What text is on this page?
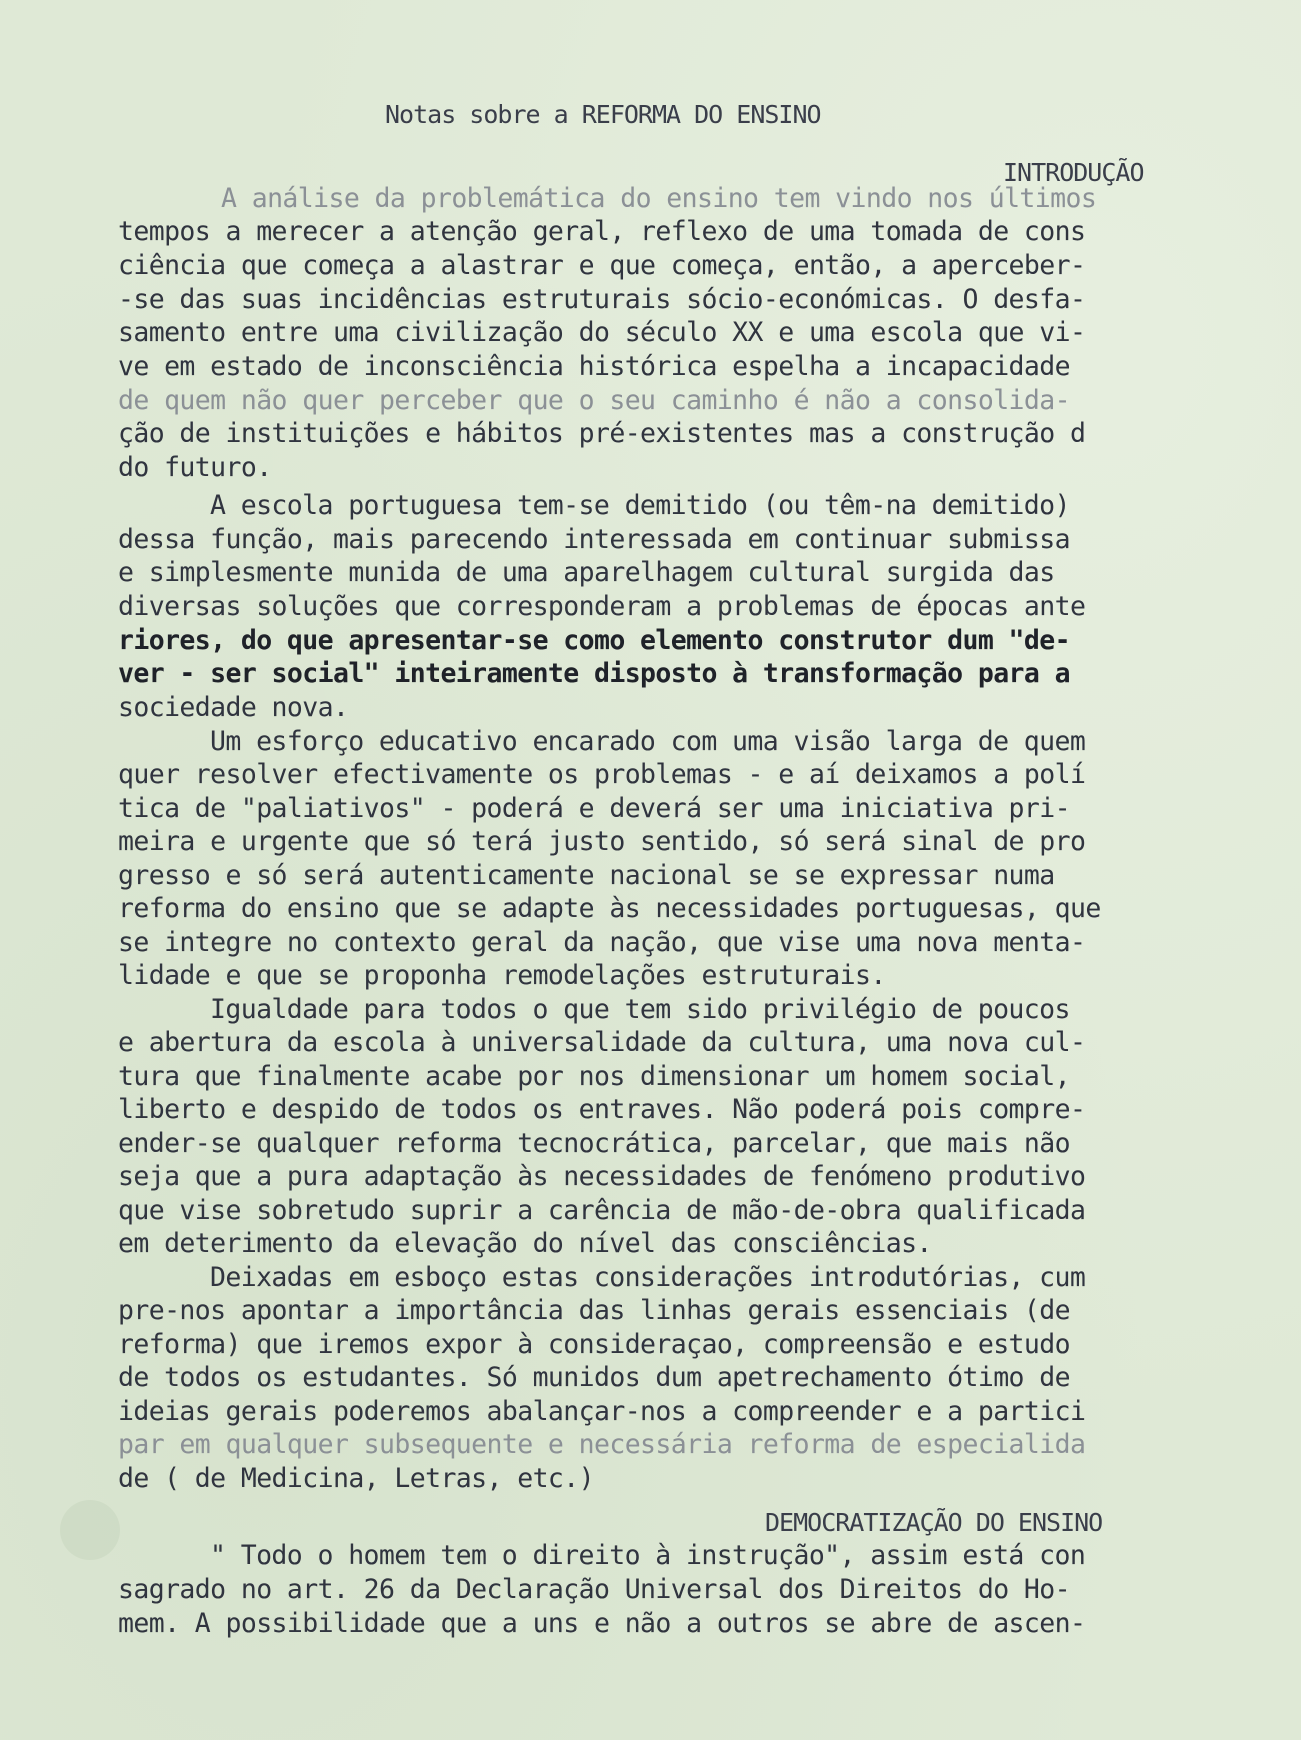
Notas sobre a REFORMA DO ENSINO
INTRODUÇÃO
A análise da problemática do ensino tem vindo nos últimos
tempos a merecer a atenção geral, reflexo de uma tomada de cons
ciência que começa a alastrar e que começa, então, a aperceber-
-se das suas incidências estruturais sócio-económicas. O desfa-
samento entre uma civilização do século XX e uma escola que vi-
ve em estado de inconsciência histórica espelha a incapacidade
de quem não quer perceber que o seu caminho é não a consolida-
ção de instituições e hábitos pré-existentes mas a construção d
do futuro.
A escola portuguesa tem-se demitido (ou têm-na demitido)
dessa função, mais parecendo interessada em continuar submissa
e simplesmente munida de uma aparelhagem cultural surgida das
diversas soluções que corresponderam a problemas de épocas ante
riores, do que apresentar-se como elemento construtor dum "de-
ver - ser social" inteiramente disposto à transformação para a
sociedade nova.
Um esforço educativo encarado com uma visão larga de quem
quer resolver efectivamente os problemas - e aí deixamos a polí
tica de "paliativos" - poderá e deverá ser uma iniciativa pri-
meira e urgente que só terá justo sentido, só será sinal de pro
gresso e só será autenticamente nacional se se expressar numa
reforma do ensino que se adapte às necessidades portuguesas, que
se integre no contexto geral da nação, que vise uma nova menta-
lidade e que se proponha remodelações estruturais.
Igualdade para todos o que tem sido privilégio de poucos
e abertura da escola à universalidade da cultura, uma nova cul-
tura que finalmente acabe por nos dimensionar um homem social,
liberto e despido de todos os entraves. Não poderá pois compre-
ender-se qualquer reforma tecnocrática, parcelar, que mais não
seja que a pura adaptação às necessidades de fenómeno produtivo
que vise sobretudo suprir a carência de mão-de-obra qualificada
em deterimento da elevação do nível das consciências.
Deixadas em esboço estas considerações introdutórias, cum
pre-nos apontar a importância das linhas gerais essenciais (de
reforma) que iremos expor à consideraçao, compreensão e estudo
de todos os estudantes. Só munidos dum apetrechamento ótimo de
ideias gerais poderemos abalançar-nos a compreender e a partici
par em qualquer subsequente e necessária reforma de especialida
de ( de Medicina, Letras, etc.)
DEMOCRATIZAÇÃO DO ENSINO
" Todo o homem tem o direito à instrução", assim está con
sagrado no art. 26 da Declaração Universal dos Direitos do Ho-
mem. A possibilidade que a uns e não a outros se abre de ascen-
